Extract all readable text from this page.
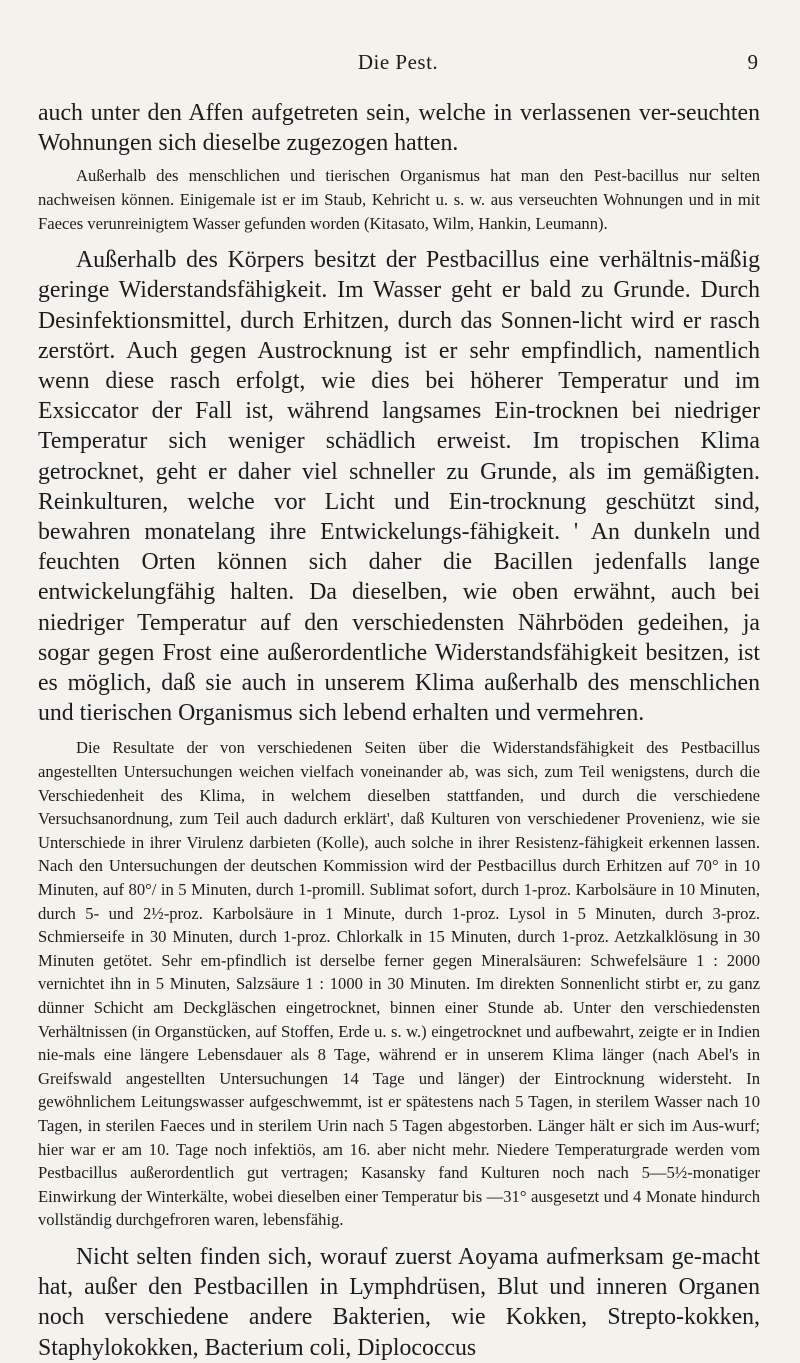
Die Pest.	9

auch unter den Affen aufgetreten sein, welche in verlassenen ver-seuchten Wohnungen sich dieselbe zugezogen hatten.

Außerhalb des menschlichen und tierischen Organismus hat man den Pest-bacillus nur selten nachweisen können. Einigemale ist er im Staub, Kehricht u. s. w. aus verseuchten Wohnungen und in mit Faeces verunreinigtem Wasser gefunden worden (Kitasato, Wilm, Hankin, Leumann).

Außerhalb des Körpers besitzt der Pestbacillus eine verhältnis-mäßig geringe Widerstandsfähigkeit. Im Wasser geht er bald zu Grunde. Durch Desinfektionsmittel, durch Erhitzen, durch das Sonnen-licht wird er rasch zerstört. Auch gegen Austrocknung ist er sehr empfindlich, namentlich wenn diese rasch erfolgt, wie dies bei höherer Temperatur und im Exsiccator der Fall ist, während langsames Ein-trocknen bei niedriger Temperatur sich weniger schädlich erweist. Im tropischen Klima getrocknet, geht er daher viel schneller zu Grunde, als im gemäßigten. Reinkulturen, welche vor Licht und Ein-trocknung geschützt sind, bewahren monatelang ihre Entwickelungs-fähigkeit. ' An dunkeln und feuchten Orten können sich daher die Bacillen jedenfalls lange entwickelungfähig halten. Da dieselben, wie oben erwähnt, auch bei niedriger Temperatur auf den verschiedensten Nährböden gedeihen, ja sogar gegen Frost eine außerordentliche Widerstandsfähigkeit besitzen, ist es möglich, daß sie auch in unserem Klima außerhalb des menschlichen und tierischen Organismus sich lebend erhalten und vermehren.

Die Resultate der von verschiedenen Seiten über die Widerstandsfähigkeit des Pestbacillus angestellten Untersuchungen weichen vielfach voneinander ab, was sich, zum Teil wenigstens, durch die Verschiedenheit des Klima, in welchem dieselben stattfanden, und durch die verschiedene Versuchsanordnung, zum Teil auch dadurch erklärt', daß Kulturen von verschiedener Provenienz, wie sie Unterschiede in ihrer Virulenz darbieten (Kolle), auch solche in ihrer Resistenz-fähigkeit erkennen lassen. Nach den Untersuchungen der deutschen Kommission wird der Pestbacillus durch Erhitzen auf 70° in 10 Minuten, auf 80°/ in 5 Minuten, durch 1-promill. Sublimat sofort, durch 1-proz. Karbolsäure in 10 Minuten, durch 5- und 2½-proz. Karbolsäure in 1 Minute, durch 1-proz. Lysol in 5 Minuten, durch 3-proz. Schmierseife in 30 Minuten, durch 1-proz. Chlorkalk in 15 Minuten, durch 1-proz. Aetzkalklösung in 30 Minuten getötet. Sehr em-pfindlich ist derselbe ferner gegen Mineralsäuren: Schwefelsäure 1 : 2000 vernichtet ihn in 5 Minuten, Salzsäure 1 : 1000 in 30 Minuten. Im direkten Sonnenlicht stirbt er, zu ganz dünner Schicht am Deckgläschen eingetrocknet, binnen einer Stunde ab. Unter den verschiedensten Verhältnissen (in Organstücken, auf Stoffen, Erde u. s. w.) eingetrocknet und aufbewahrt, zeigte er in Indien nie-mals eine längere Lebensdauer als 8 Tage, während er in unserem Klima länger (nach Abel's in Greifswald angestellten Untersuchungen 14 Tage und länger) der Eintrocknung widersteht. In gewöhnlichem Leitungswasser aufgeschwemmt, ist er spätestens nach 5 Tagen, in sterilem Wasser nach 10 Tagen, in sterilen Faeces und in sterilem Urin nach 5 Tagen abgestorben. Länger hält er sich im Aus-wurf; hier war er am 10. Tage noch infektiös, am 16. aber nicht mehr. Niedere Temperaturgrade werden vom Pestbacillus außerordentlich gut vertragen; Kasansky fand Kulturen noch nach 5—5½-monatiger Einwirkung der Winterkälte, wobei dieselben einer Temperatur bis —31° ausgesetzt und 4 Monate hindurch vollständig durchgefroren waren, lebensfähig.

Nicht selten finden sich, worauf zuerst Aoyama aufmerksam ge-macht hat, außer den Pestbacillen in Lymphdrüsen, Blut und inneren Organen noch verschiedene andere Bakterien, wie Kokken, Strepto-kokken, Staphylokokken, Bacterium coli, Diplococcus
